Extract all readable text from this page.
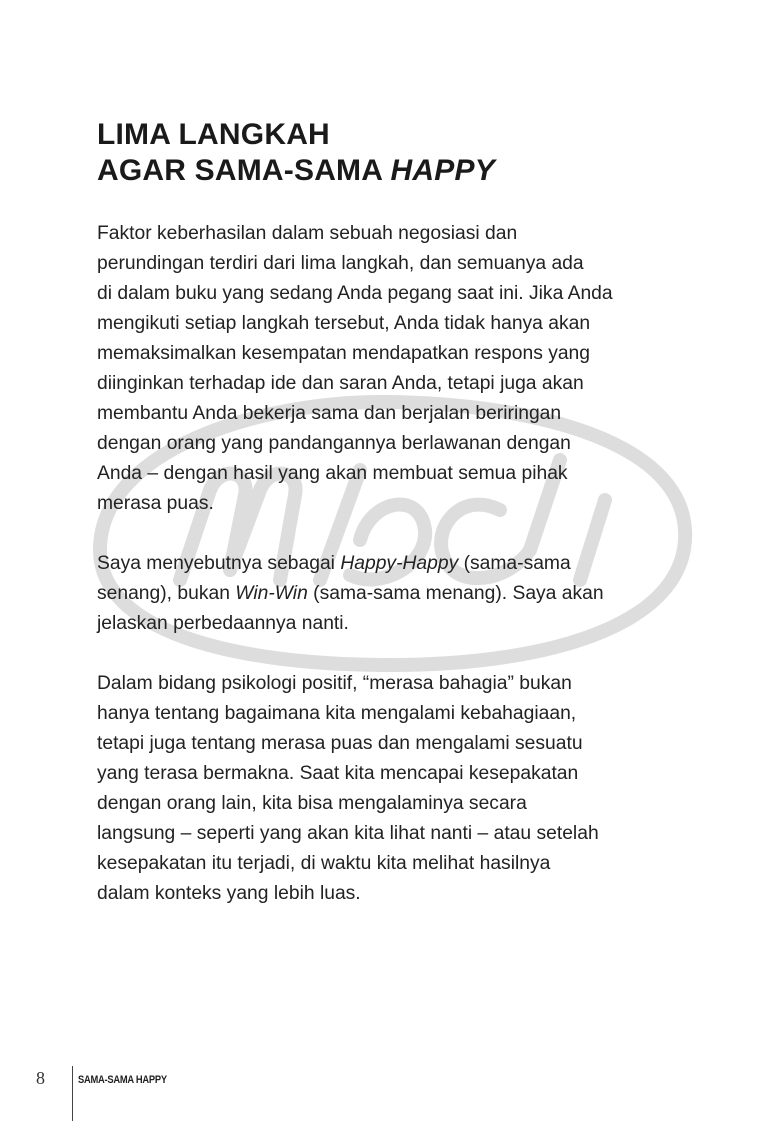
LIMA LANGKAH
AGAR SAMA-SAMA HAPPY

Faktor keberhasilan dalam sebuah negosiasi dan
perundingan terdiri dari lima langkah, dan semuanya ada
di dalam buku yang sedang Anda pegang saat ini. Jika Anda
mengikuti setiap langkah tersebut, Anda tidak hanya akan
memaksimalkan kesempatan mendapatkan respons yang
diinginkan terhadap ide dan saran Anda, tetapi juga akan
membantu Anda bekerja sama dan berjalan beriringan
dengan orang yang pandangannya berlawanan dengan
Anda – dengan hasil yang akan membuat semua pihak
merasa puas.

Saya menyebutnya sebagai Happy-Happy (sama-sama
senang), bukan Win-Win (sama-sama menang). Saya akan
jelaskan perbedaannya nanti.

Dalam bidang psikologi positif, “merasa bahagia” bukan
hanya tentang bagaimana kita mengalami kebahagiaan,
tetapi juga tentang merasa puas dan mengalami sesuatu
yang terasa bermakna. Saat kita mencapai kesepakatan
dengan orang lain, kita bisa mengalaminya secara
langsung – seperti yang akan kita lihat nanti – atau setelah
kesepakatan itu terjadi, di waktu kita melihat hasilnya
dalam konteks yang lebih luas.

8	SAMA-SAMA HAPPY
